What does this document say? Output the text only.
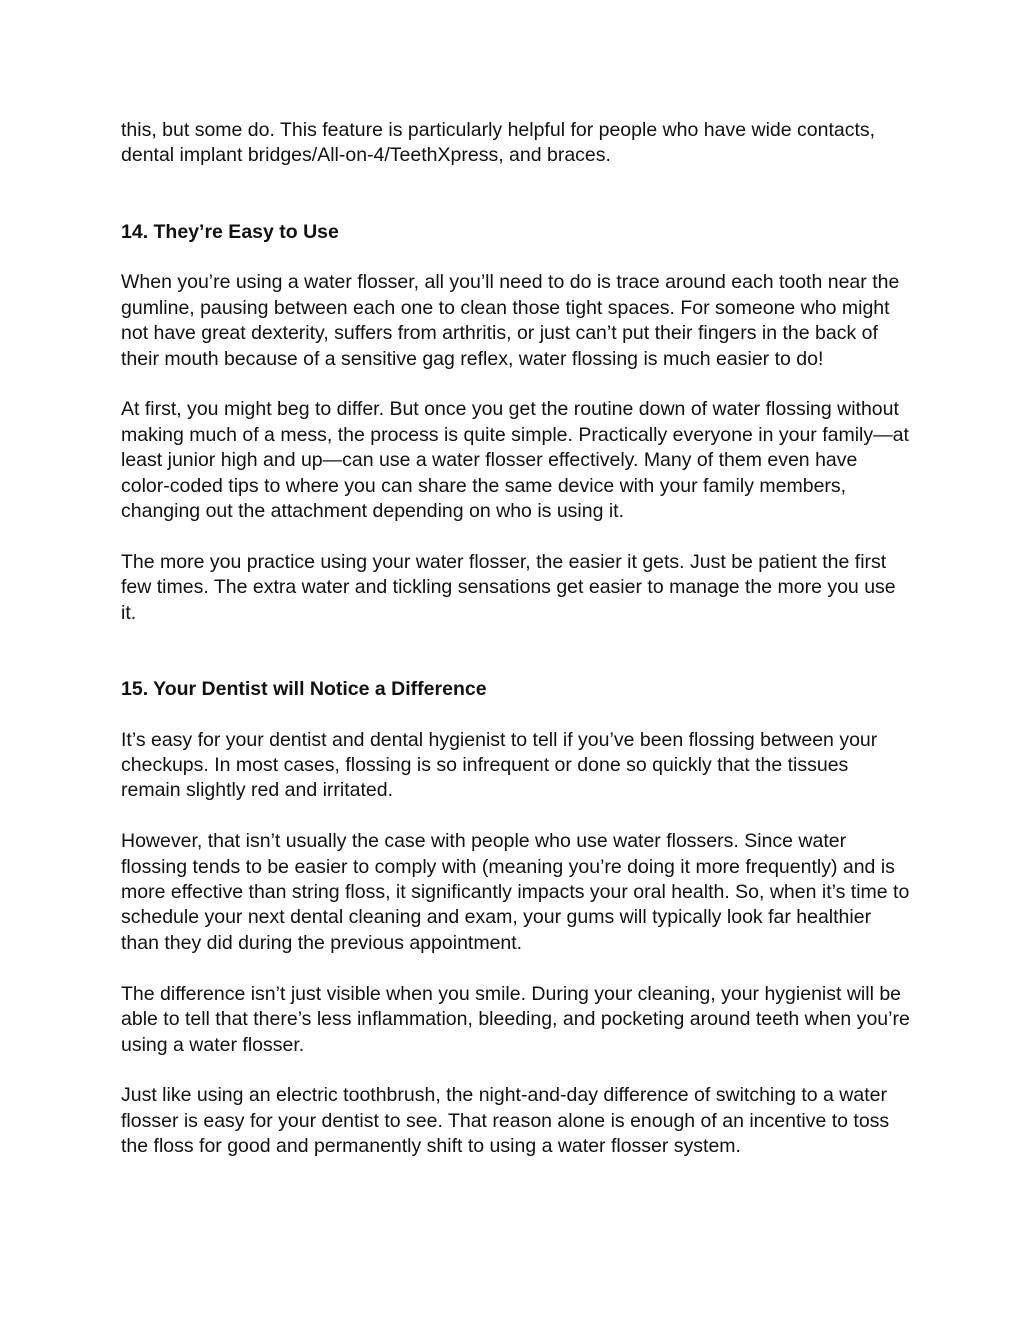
this, but some do. This feature is particularly helpful for people who have wide contacts, dental implant bridges/All-on-4/TeethXpress, and braces.

14. They’re Easy to Use

When you’re using a water flosser, all you’ll need to do is trace around each tooth near the gumline, pausing between each one to clean those tight spaces. For someone who might not have great dexterity, suffers from arthritis, or just can’t put their fingers in the back of their mouth because of a sensitive gag reflex, water flossing is much easier to do!

At first, you might beg to differ. But once you get the routine down of water flossing without making much of a mess, the process is quite simple. Practically everyone in your family—at least junior high and up—can use a water flosser effectively. Many of them even have color-coded tips to where you can share the same device with your family members, changing out the attachment depending on who is using it.

The more you practice using your water flosser, the easier it gets. Just be patient the first few times. The extra water and tickling sensations get easier to manage the more you use it.

15. Your Dentist will Notice a Difference

It’s easy for your dentist and dental hygienist to tell if you’ve been flossing between your checkups. In most cases, flossing is so infrequent or done so quickly that the tissues remain slightly red and irritated.

However, that isn’t usually the case with people who use water flossers. Since water flossing tends to be easier to comply with (meaning you’re doing it more frequently) and is more effective than string floss, it significantly impacts your oral health. So, when it’s time to schedule your next dental cleaning and exam, your gums will typically look far healthier than they did during the previous appointment.

The difference isn’t just visible when you smile. During your cleaning, your hygienist will be able to tell that there’s less inflammation, bleeding, and pocketing around teeth when you’re using a water flosser.

Just like using an electric toothbrush, the night-and-day difference of switching to a water flosser is easy for your dentist to see. That reason alone is enough of an incentive to toss the floss for good and permanently shift to using a water flosser system.
